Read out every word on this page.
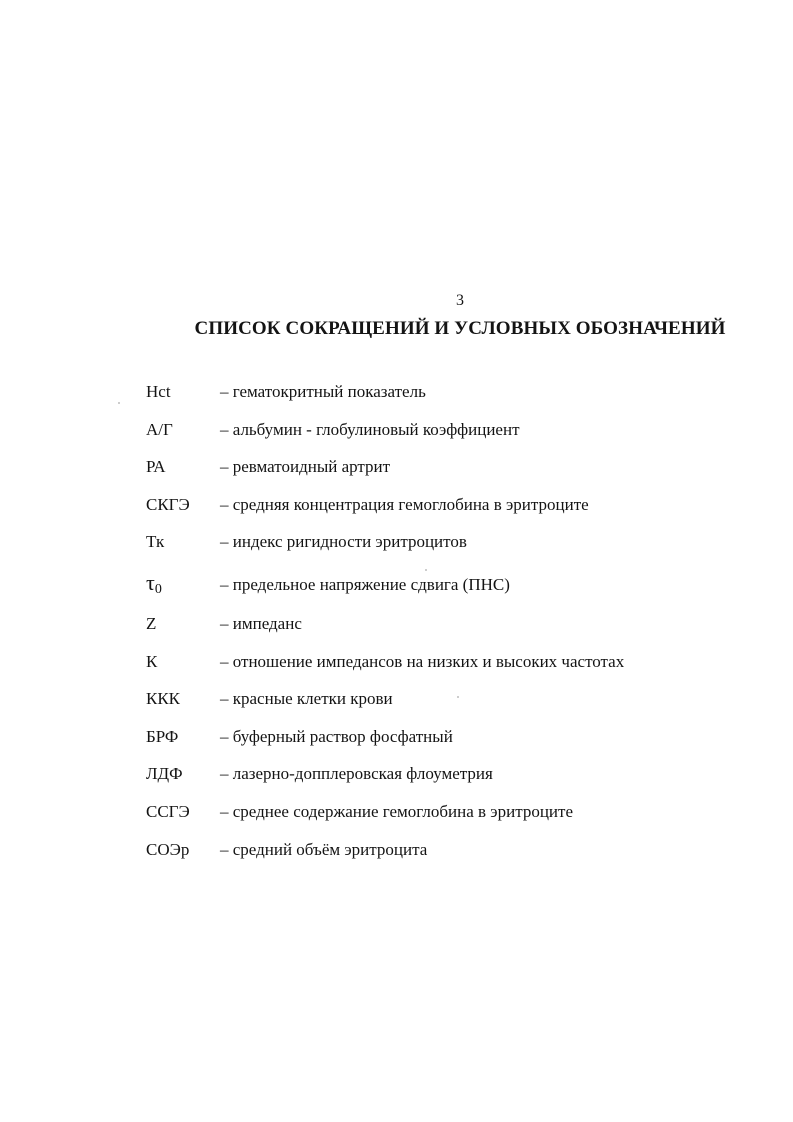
3
СПИСОК СОКРАЩЕНИЙ И УСЛОВНЫХ ОБОЗНАЧЕНИЙ
Hct	– гематокритный показатель
А/Г	– альбумин - глобулиновый коэффициент
РА	– ревматоидный артрит
СКГЭ	– средняя концентрация гемоглобина в эритроците
Тк	– индекс ригидности эритроцитов
$\tau_0$	– предельное напряжение сдвига (ПНС)
Z	– импеданс
К	– отношение импедансов на низких и высоких частотах
ККК	– красные клетки крови
БРФ	– буферный раствор фосфатный
ЛДФ	– лазерно-допплеровская флоуметрия
ССГЭ	– среднее содержание гемоглобина в эритроците
СОЭр	– средний объём эритроцита
